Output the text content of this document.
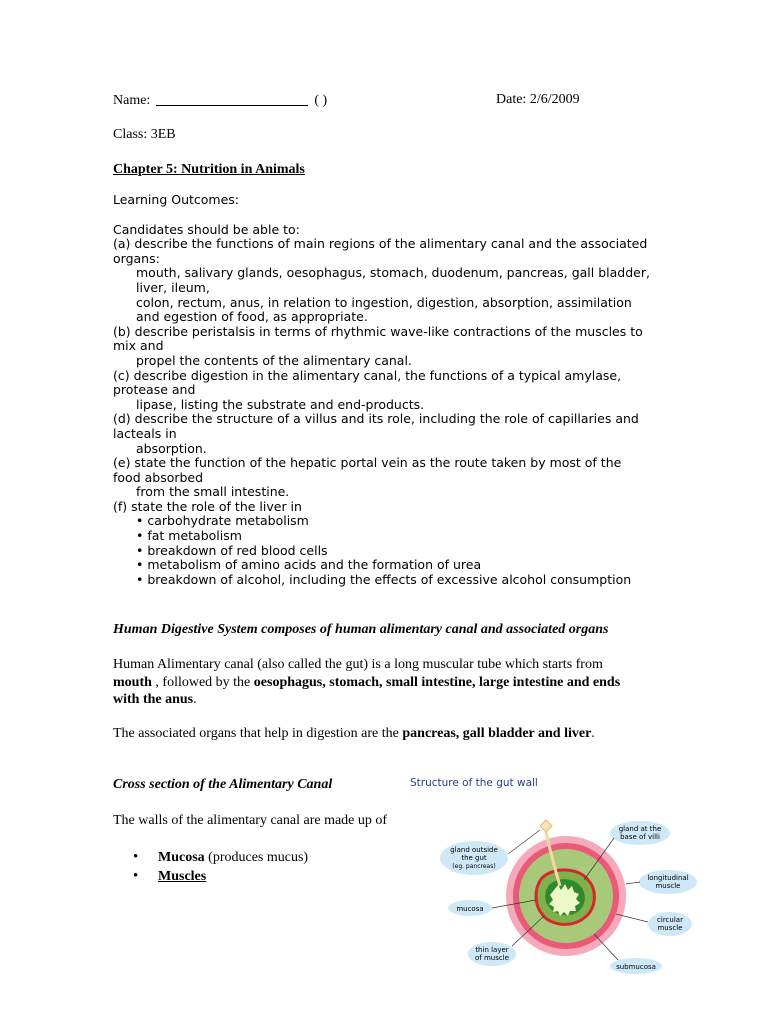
Name:	( )	Date: 2/6/2009
Class: 3EB
Chapter 5: Nutrition in Animals
Learning Outcomes:
Candidates should be able to:
(a) describe the functions of main regions of the alimentary canal and the associated
organs:
mouth, salivary glands, oesophagus, stomach, duodenum, pancreas, gall bladder,
liver, ileum,
colon, rectum, anus, in relation to ingestion, digestion, absorption, assimilation
and egestion of food, as appropriate.
(b) describe peristalsis in terms of rhythmic wave-like contractions of the muscles to
mix and
propel the contents of the alimentary canal.
(c) describe digestion in the alimentary canal, the functions of a typical amylase,
protease and
lipase, listing the substrate and end-products.
(d) describe the structure of a villus and its role, including the role of capillaries and
lacteals in
absorption.
(e) state the function of the hepatic portal vein as the route taken by most of the
food absorbed
from the small intestine.
(f) state the role of the liver in
• carbohydrate metabolism
• fat metabolism
• breakdown of red blood cells
• metabolism of amino acids and the formation of urea
• breakdown of alcohol, including the effects of excessive alcohol consumption
Human Digestive System composes of human alimentary canal and associated organs
Human Alimentary canal (also called the gut) is a long muscular tube which starts from mouth , followed by the oesophagus, stomach, small intestine, large intestine and ends with the anus.
The associated organs that help in digestion are the pancreas, gall bladder and liver.
Cross section of the Alimentary Canal
The walls of the alimentary canal are made up of
• Mucosa (produces mucus)
• Muscles
Structure of the gut wall
gland outside
the gut
(eg. pancreas)
gland at the
base of villi
longitudinal
muscle
mucosa
circular
muscle
thin layer
of muscle
submucosa
